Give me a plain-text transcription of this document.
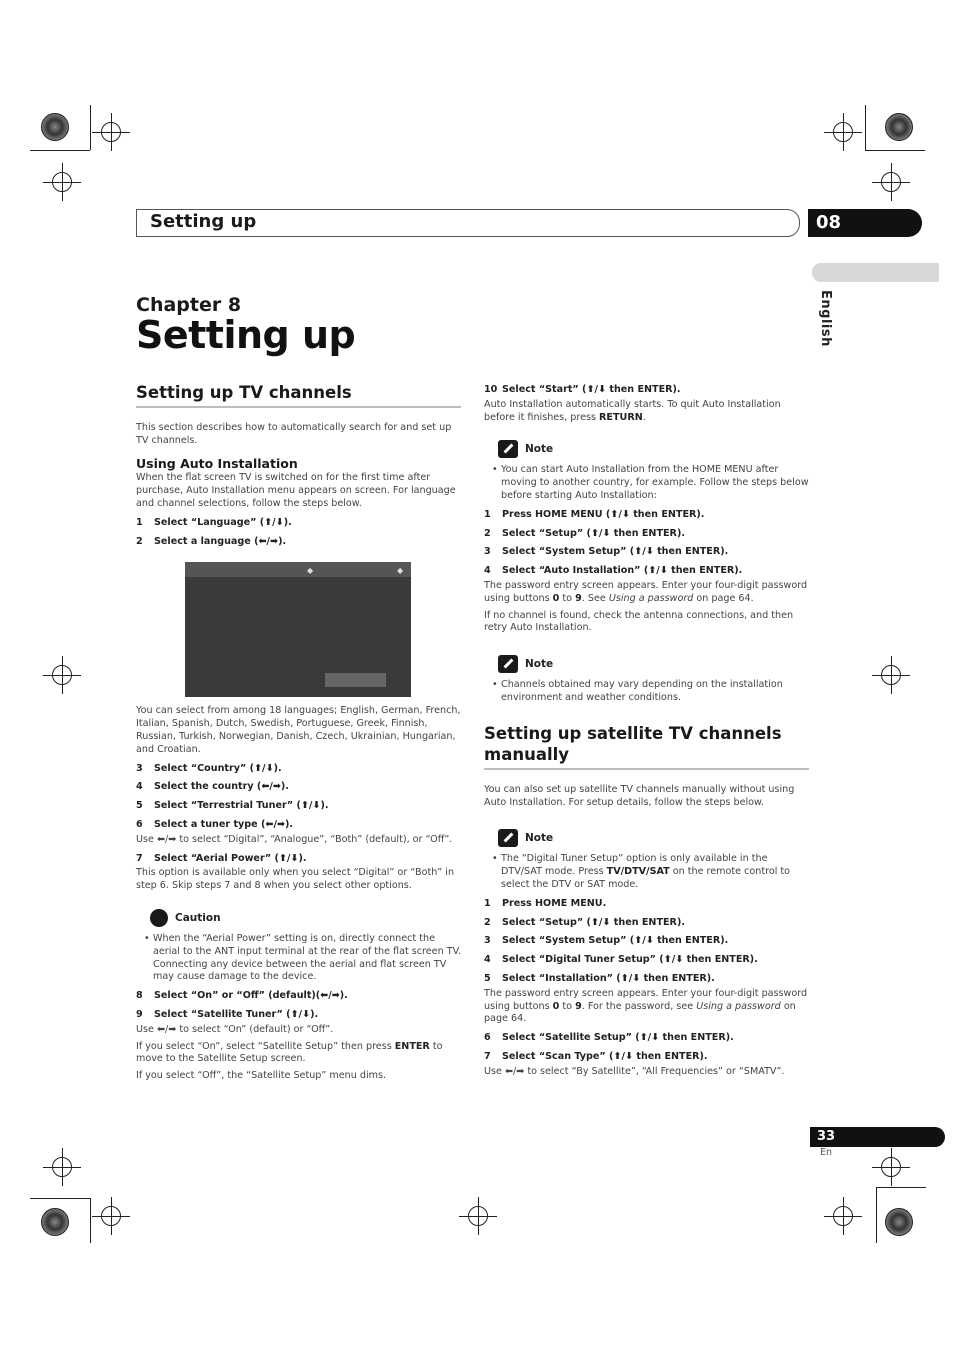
Setting up	08
English
Chapter 8
Setting up
Setting up TV channels
This section describes how to automatically search for and set up TV channels.
Using Auto Installation
When the flat screen TV is switched on for the first time after purchase, Auto Installation menu appears on screen. For language and channel selections, follow the steps below.
1	Select “Language” (⬆/⬇).
2	Select a language (⬅/➡).
◆	◆
You can select from among 18 languages; English, German, French, Italian, Spanish, Dutch, Swedish, Portuguese, Greek, Finnish, Russian, Turkish, Norwegian, Danish, Czech, Ukrainian, Hungarian, and Croatian.
3	Select “Country” (⬆/⬇).
4	Select the country (⬅/➡).
5	Select “Terrestrial Tuner” (⬆/⬇).
6	Select a tuner type (⬅/➡).
Use ⬅/➡ to select “Digital”, “Analogue”, “Both” (default), or “Off”.
7	Select “Aerial Power” (⬆/⬇).
This option is available only when you select “Digital” or “Both” in step 6. Skip steps 7 and 8 when you select other options.
Caution
• When the “Aerial Power” setting is on, directly connect the aerial to the ANT input terminal at the rear of the flat screen TV. Connecting any device between the aerial and flat screen TV may cause damage to the device.
8	Select “On” or “Off” (default)(⬅/➡).
9	Select “Satellite Tuner” (⬆/⬇).
Use ⬅/➡ to select “On” (default) or “Off”.
If you select “On”, select “Satellite Setup” then press ENTER to move to the Satellite Setup screen.
If you select “Off”, the “Satellite Setup” menu dims.
10 Select “Start” (⬆/⬇ then ENTER).
Auto Installation automatically starts. To quit Auto Installation before it finishes, press RETURN.
Note
• You can start Auto Installation from the HOME MENU after moving to another country, for example. Follow the steps below before starting Auto Installation:
1	Press HOME MENU (⬆/⬇ then ENTER).
2	Select “Setup” (⬆/⬇ then ENTER).
3	Select “System Setup” (⬆/⬇ then ENTER).
4	Select “Auto Installation” (⬆/⬇ then ENTER).
The password entry screen appears. Enter your four-digit password using buttons 0 to 9. See Using a password on page 64.
If no channel is found, check the antenna connections, and then retry Auto Installation.
Note
• Channels obtained may vary depending on the installation environment and weather conditions.
Setting up satellite TV channels manually
You can also set up satellite TV channels manually without using Auto Installation. For setup details, follow the steps below.
Note
• The “Digital Tuner Setup” option is only available in the DTV/SAT mode. Press TV/DTV/SAT on the remote control to select the DTV or SAT mode.
1	Press HOME MENU.
2	Select “Setup” (⬆/⬇ then ENTER).
3	Select “System Setup” (⬆/⬇ then ENTER).
4	Select “Digital Tuner Setup” (⬆/⬇ then ENTER).
5	Select “Installation” (⬆/⬇ then ENTER).
The password entry screen appears. Enter your four-digit password using buttons 0 to 9. For the password, see Using a password on page 64.
6	Select “Satellite Setup” (⬆/⬇ then ENTER).
7	Select “Scan Type” (⬆/⬇ then ENTER).
Use ⬅/➡ to select “By Satellite”, “All Frequencies” or “SMATV”.
33
En
